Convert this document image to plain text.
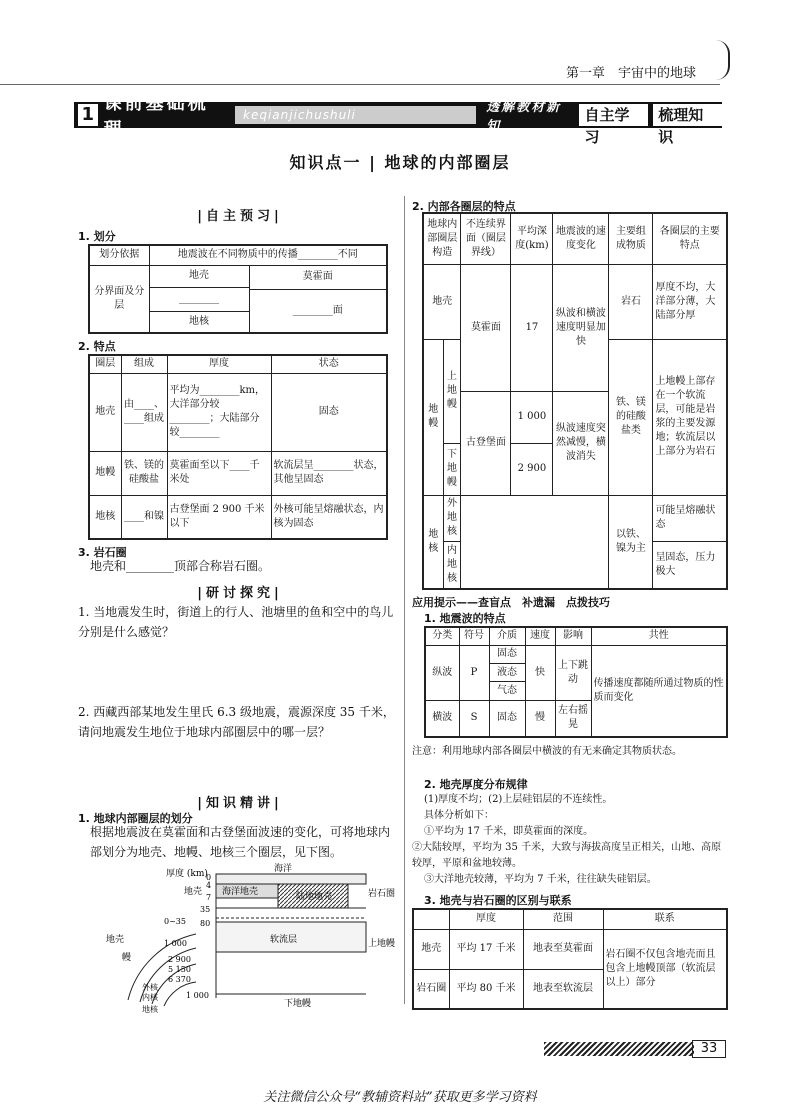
第一章　宇宙中的地球
1
课前基础梳理
keqianjichushuli	透解教材新知
自主学习
梳理知识
知识点一 | 地球的内部圈层
|自主预习|
1. 划分
划分依据	地震波在不同物质中的传播________不同	
分界面及分层	地壳	莫霍面
	________	
		________面
	地核	
2. 特点
圈层	组成	厚度	状态
地壳	由____、____组成	平均为________km，大洋部分较________；大陆部分较________	固态
地幔	铁、镁的硅酸盐	莫霍面至以下____千米处	软流层呈________状态，其他呈固态
地核	____和镍	古登堡面 2 900 千米以下	外核可能呈熔融状态，内核为固态
3. 岩石圈
地壳和________顶部合称岩石圈。
|研讨探究|
1. 当地震发生时，街道上的行人、池塘里的鱼和空中的鸟儿分别是什么感觉？
2. 西藏西部某地发生里氏 6.3 级地震，震源深度 35 千米，请问地震发生地位于地球内部圈层中的哪一层？
|知识精讲|
1. 地球内部圈层的划分
根据地震波在莫霍面和古登堡面波速的变化，可将地球内部划分为地壳、地幔、地核三个圈层，见下图。
厚度 (km)	海洋
陆地地壳
海洋地壳
地壳	岩石圈
0
4
7
35
80
1 000
0~35
1 000
2 900
5 150
6 370
软流层	上地幔
下地幔
地壳
幔
外核
内核
地核
2. 内部各圈层的特点
地球内部圈层构造		不连续界面（圈层界线）	平均深度(km)	地震波的速度变化	主要组成物质	各圈层的主要特点
地壳		莫霍面	17	纵波和横波速度明显加快	岩石	厚度不均，大洋部分薄，大陆部分厚
地幔	上地幔				铁、镁的硅酸盐类	上地幔上部存在一个软流层，可能是岩浆的主要发源地；软流层以上部分为岩石
		古登堡面	1 000	纵波速度突然减慢，横波消失		
	下地幔		2 900			
地核	外地核				以铁、镍为主	可能呈熔融状态
	内地核					呈固态，压力极大
应用提示——查盲点　补遗漏　点拨技巧
1. 地震波的特点
分类	符号	介质	速度	影响	共性
纵波	P	固态	快	上下跳动	传播速度都随所通过物质的性质而变化
		液态			
		气态			
横波	S	固态	慢	左右摇晃	
注意：利用地球内部各圈层中横波的有无来确定其物质状态。
2. 地壳厚度分布规律
(1)厚度不均；(2)上层硅铝层的不连续性。
具体分析如下：
①平均为 17 千米，即莫霍面的深度。
②大陆较厚，平均为 35 千米，大致与海拔高度呈正相关，山地、高原较厚，平原和盆地较薄。
③大洋地壳较薄，平均为 7 千米，往往缺失硅铝层。
3. 地壳与岩石圈的区别与联系
	厚度	范围	联系
地壳	平均 17 千米	地表至莫霍面	岩石圈不仅包含地壳而且包含上地幔顶部（软流层以上）部分
岩石圈	平均 80 千米	地表至软流层	
33
关注微信公众号“教辅资料站”获取更多学习资料
